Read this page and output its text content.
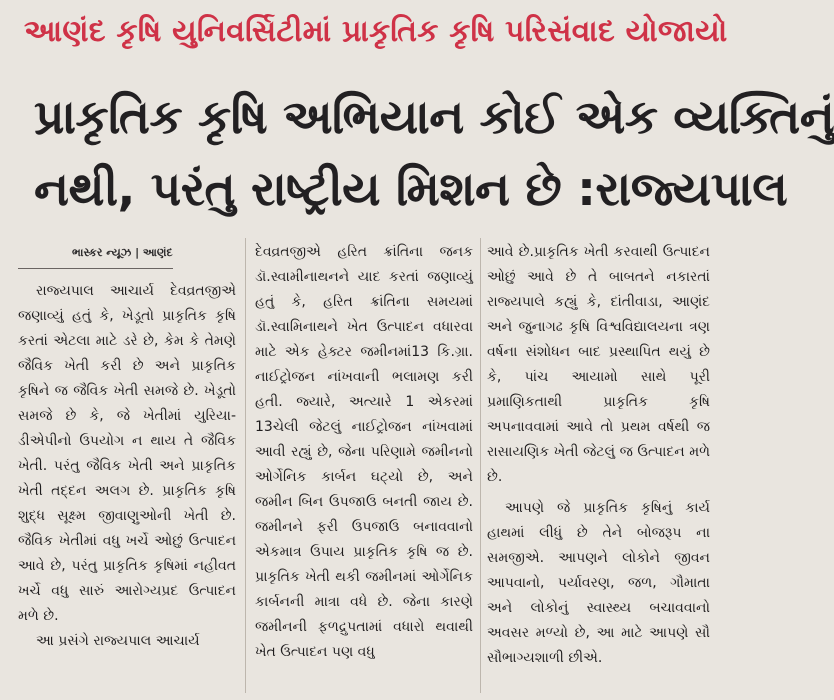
આણંદ કૃષિ યુનિવર્સિટીમાં પ્રાકૃતિક કૃષિ પરિસંવાદ યોજાયો
પ્રાકૃતિક કૃષિ અભિયાન કોઈ એક વ્યક્તિનું
નથી, પરંતુ રાષ્ટ્રીય મિશન છે :રાજ્યપાલ
ભાસ્કર ન્યૂઝ | આણંદ

રાજ્યપાલ આચાર્ય દેવવ્રતજીએ જણાવ્યું હતું કે, ખેડૂતો પ્રાકૃતિક કૃષિ કરતાં એટલા માટે ડરે છે, કેમ કે તેમણે જૈવિક ખેતી કરી છે અને પ્રાકૃતિક કૃષિને જ જૈવિક ખેતી સમજે છે. ખેડૂતો સમજે છે કે, જે ખેતીમાં યુરિયા-ડીએપીનો ઉપયોગ ન થાય તે જૈવિક ખેતી. પરંતુ જૈવિક ખેતી અને પ્રાકૃતિક ખેતી તદ્દન અલગ છે. પ્રાકૃતિક કૃષિ શુદ્ધ સૂક્ષ્મ જીવાણુઓની ખેતી છે. જૈવિક ખેતીમાં વધુ ખર્ચે ઓછું ઉત્પાદન આવે છે, પરંતુ પ્રાકૃતિક કૃષિમાં નહીવત ખર્ચે વધુ સારું આરોગ્યપ્રદ ઉત્પાદન મળે છે.

આ પ્રસંગે રાજ્યપાલ આચાર્ય

દેવવ્રતજીએ હરિત ક્રાંતિના જનક ડૉ.સ્વામીનાથનને યાદ કરતાં જણાવ્યું હતું કે, હરિત ક્રાંતિના સમયમાં ડૉ.સ્વામિનાથને ખેત ઉત્પાદન વધારવા માટે એક હેક્ટર જમીનમાં13 કિ.ગ્રા. નાઈટ્રોજન નાંખવાની ભલામણ કરી હતી. જ્યારે, અત્યારે 1 એકરમાં 13ચેલી જેટલું નાઈટ્રોજન નાંખવામાં આવી રહ્યું છે, જેના પરિણામે જમીનનો ઓર્ગેનિક કાર્બન ઘટ્યો છે, અને જમીન બિન ઉપજાઉ બનતી જાય છે. જમીનને ફરી ઉપજાઉ બનાવવાનો એકમાત્ર ઉપાય પ્રાકૃતિક કૃષિ જ છે. પ્રાકૃતિક ખેતી થકી જમીનમાં ઓર્ગેનિક કાર્બનની માત્રા વધે છે. જેના કારણે જમીનની ફળદ્રુપતામાં વધારો થવાથી ખેત ઉત્પાદન પણ વધુ

આવે છે.પ્રાકૃતિક ખેતી કરવાથી ઉત્પાદન ઓછું આવે છે તે બાબતને નકારતાં રાજ્યપાલે કહ્યું કે, દાંતીવાડા, આણંદ અને જુનાગઢ કૃષિ વિશ્વવિદ્યાલયના ત્રણ વર્ષના સંશોધન બાદ પ્રસ્થાપિત થયું છે કે, પાંચ આયામો સાથે પૂરી પ્રમાણિકતાથી પ્રાકૃતિક કૃષિ અપનાવવામાં આવે તો પ્રથમ વર્ષથી જ રાસાયણિક ખેતી જેટલું જ ઉત્પાદન મળે છે.

આપણે જે પ્રાકૃતિક કૃષિનું કાર્ય હાથમાં લીધું છે તેને બોજરૂપ ના સમજીએ. આપણને લોકોને જીવન આપવાનો, પર્યાવરણ, જળ, ગૌમાતા અને લોકોનું સ્વાસ્થ્ય બચાવવાનો અવસર મળ્યો છે, આ માટે આપણે સૌ સૌભાગ્યશાળી છીએ.
